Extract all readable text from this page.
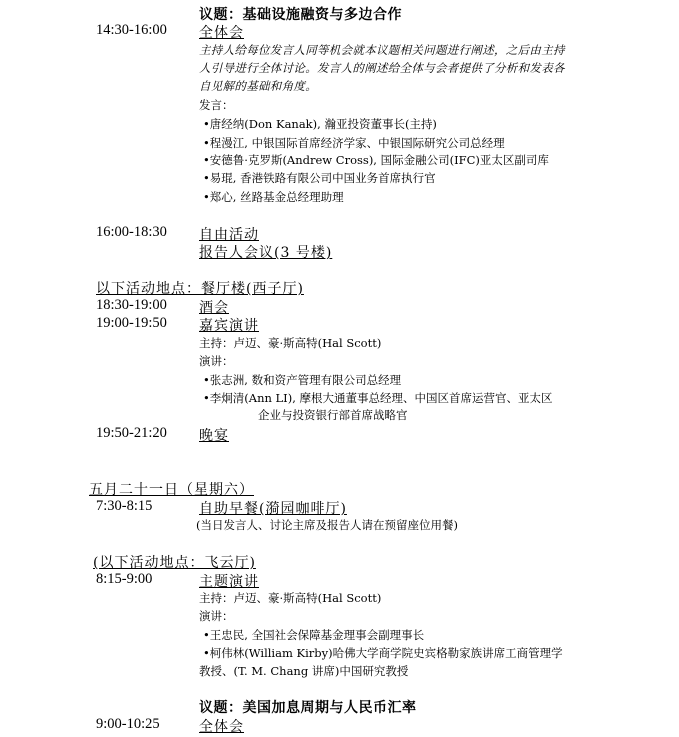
议题：基础设施融资与多边合作
14:30-16:00 全体会
主持人给每位发言人同等机会就本议题相关问题进行阐述，之后由主持
人引导进行全体讨论。发言人的阐述给全体与会者提供了分析和发表各
自见解的基础和角度。
发言：
•唐经纳(Don Kanak), 瀚亚投资董事长(主持)
•程漫江, 中银国际首席经济学家、中银国际研究公司总经理
•安德鲁·克罗斯(Andrew Cross), 国际金融公司(IFC)亚太区副司库
•易琨, 香港铁路有限公司中国业务首席执行官
•郑心, 丝路基金总经理助理
16:00-18:30 自由活动
报告人会议(3 号楼)
以下活动地点：餐厅楼(西子厅)
18:30-19:00 酒会
19:00-19:50 嘉宾演讲
主持：卢迈、豪·斯高特(Hal Scott)
演讲：
•张志洲, 数和资产管理有限公司总经理
•李炯清(Ann LI), 摩根大通董事总经理、中国区首席运营官、亚太区
企业与投资银行部首席战略官
19:50-21:20 晚宴
五月二十一日（星期六）
7:30-8:15	自助早餐(漪园咖啡厅)
(当日发言人、讨论主席及报告人请在预留座位用餐)
(以下活动地点：飞云厅)
8:15-9:00	主题演讲
主持：卢迈、豪·斯高特(Hal Scott)
演讲：
•王忠民, 全国社会保障基金理事会副理事长
•柯伟林(William Kirby)哈佛大学商学院史宾格勒家族讲席工商管理学
教授、(T. M. Chang 讲席)中国研究教授
议题：美国加息周期与人民币汇率
9:00-10:25	全体会
